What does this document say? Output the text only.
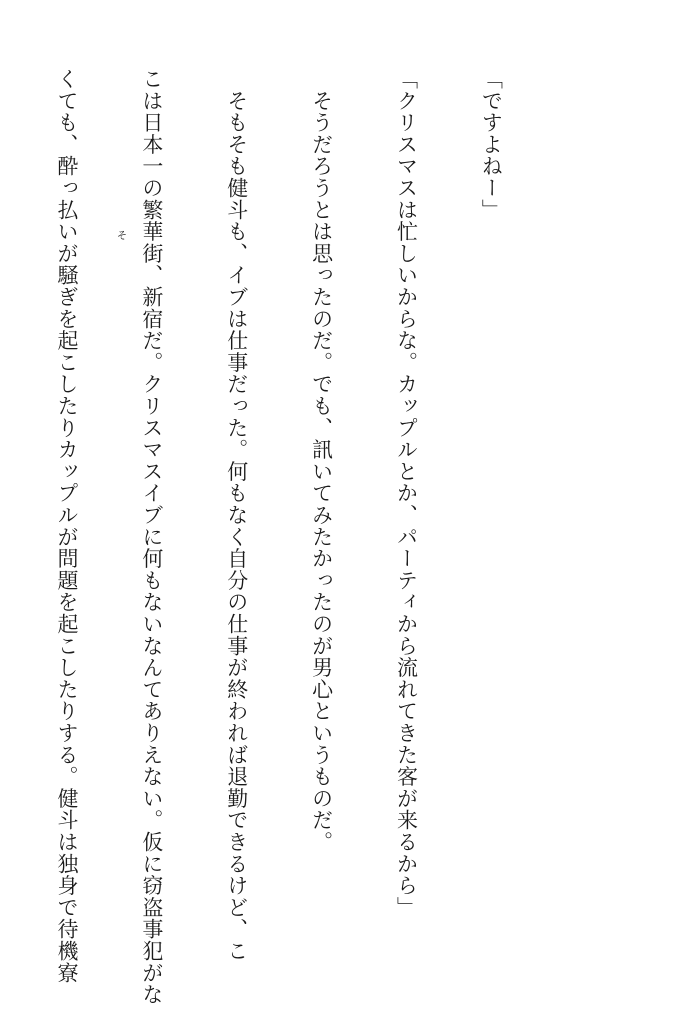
「ですよねー」

「クリスマスは忙しいからな。カップルとか、パーティから流れてきた客が来るから」

　そうだろうとは思ったのだ。でも、訊いてみたかったのが男心というものだ。

　そもそも健斗も、イブは仕事だった。何もなく自分の仕事が終われば退勤できるけど、こ

こは日本一の繁華街、新宿だ。クリスマスイブに何もないなんてありえない。仮に窃盗事犯がな

くても、酔っ払いが騒ぎを起こしたりカップルが問題を起こしたりする。健斗は独身で待機寮

	そ
